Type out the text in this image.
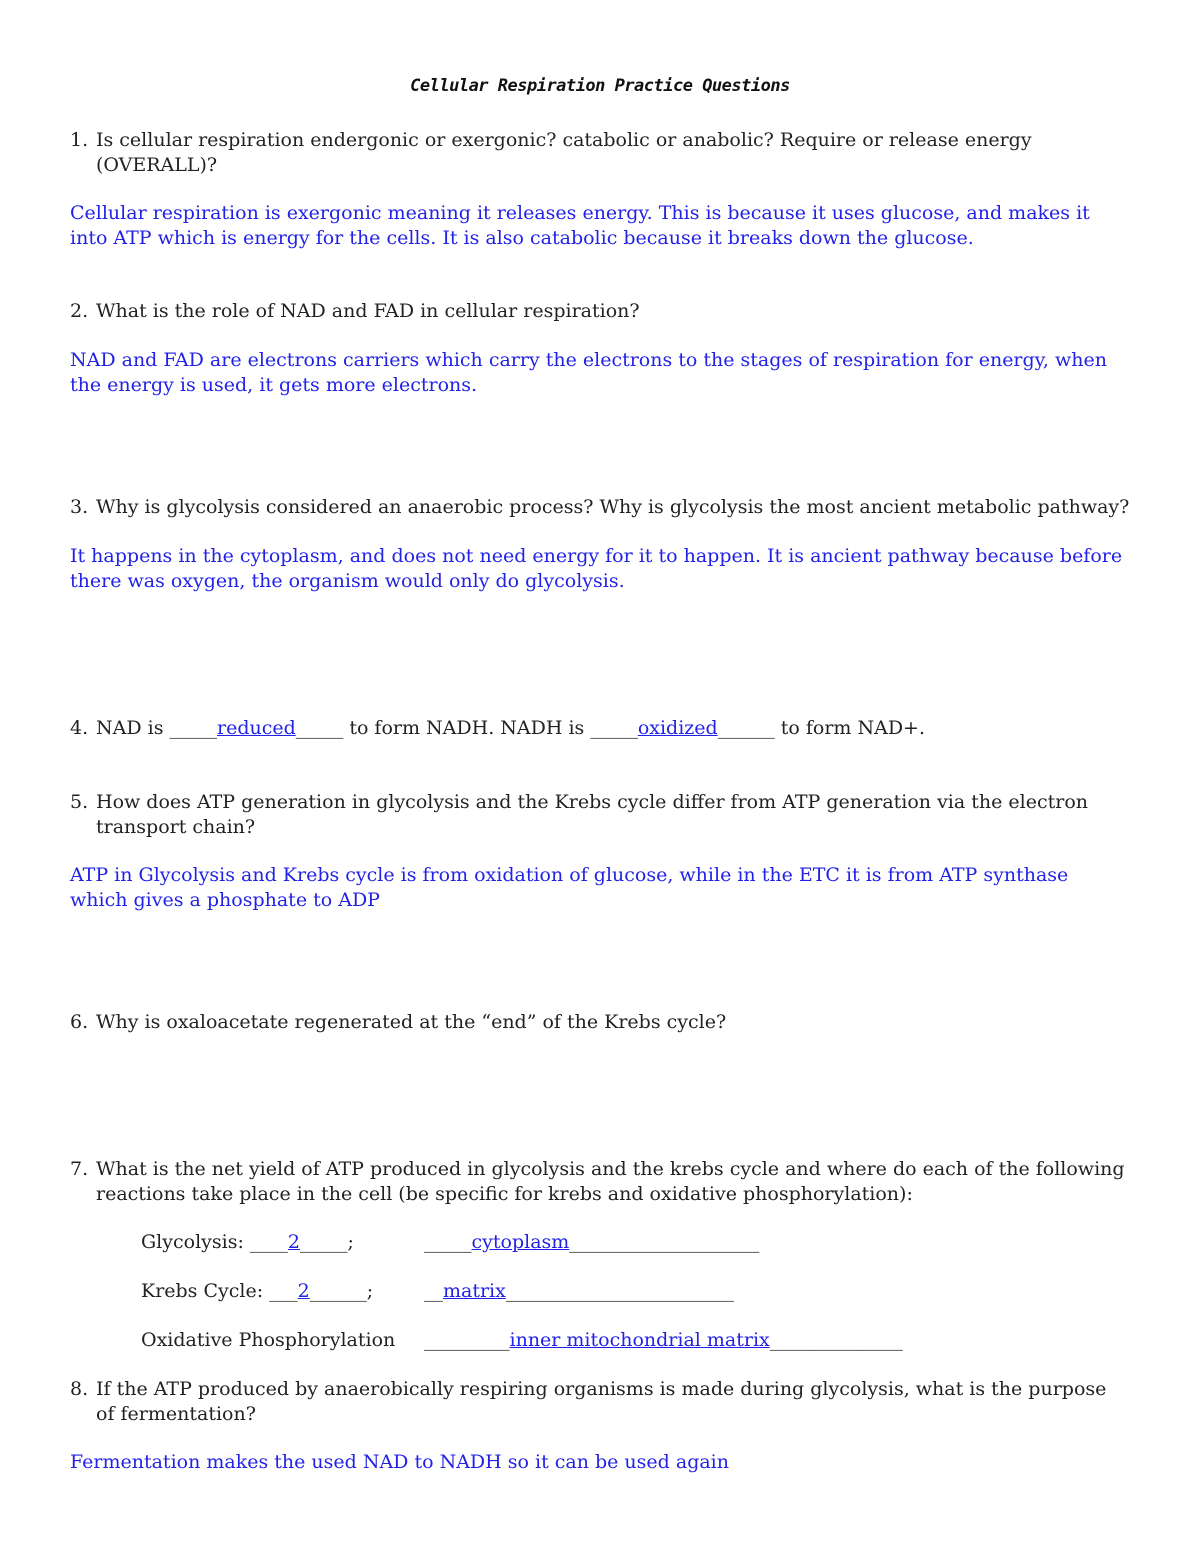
Cellular Respiration Practice Questions
1. Is cellular respiration endergonic or exergonic? catabolic or anabolic? Require or release energy (OVERALL)?
Cellular respiration is exergonic meaning it releases energy. This is because it uses glucose, and makes it into ATP which is energy for the cells. It is also catabolic because it breaks down the glucose.
2. What is the role of NAD and FAD in cellular respiration?
NAD and FAD are electrons carriers which carry the electrons to the stages of respiration for energy, when the energy is used, it gets more electrons.
3. Why is glycolysis considered an anaerobic process? Why is glycolysis the most ancient metabolic pathway?
It happens in the cytoplasm, and does not need energy for it to happen. It is ancient pathway because before there was oxygen, the organism would only do glycolysis.
4. NAD is _____reduced_____ to form NADH. NADH is _____oxidized______ to form NAD+.
5. How does ATP generation in glycolysis and the Krebs cycle differ from ATP generation via the electron transport chain?
ATP in Glycolysis and Krebs cycle is from oxidation of glucose, while in the ETC it is from ATP synthase which gives a phosphate to ADP
6. Why is oxaloacetate regenerated at the “end” of the Krebs cycle?
7. What is the net yield of ATP produced in glycolysis and the krebs cycle and where do each of the following reactions take place in the cell (be specific for krebs and oxidative phosphorylation):
Glycolysis: ____2_____;	_____cytoplasm____________________
Krebs Cycle: ___2______;	__matrix________________________
Oxidative Phosphorylation _________inner mitochondrial matrix______________
8. If the ATP produced by anaerobically respiring organisms is made during glycolysis, what is the purpose of fermentation?
Fermentation makes the used NAD to NADH so it can be used again
